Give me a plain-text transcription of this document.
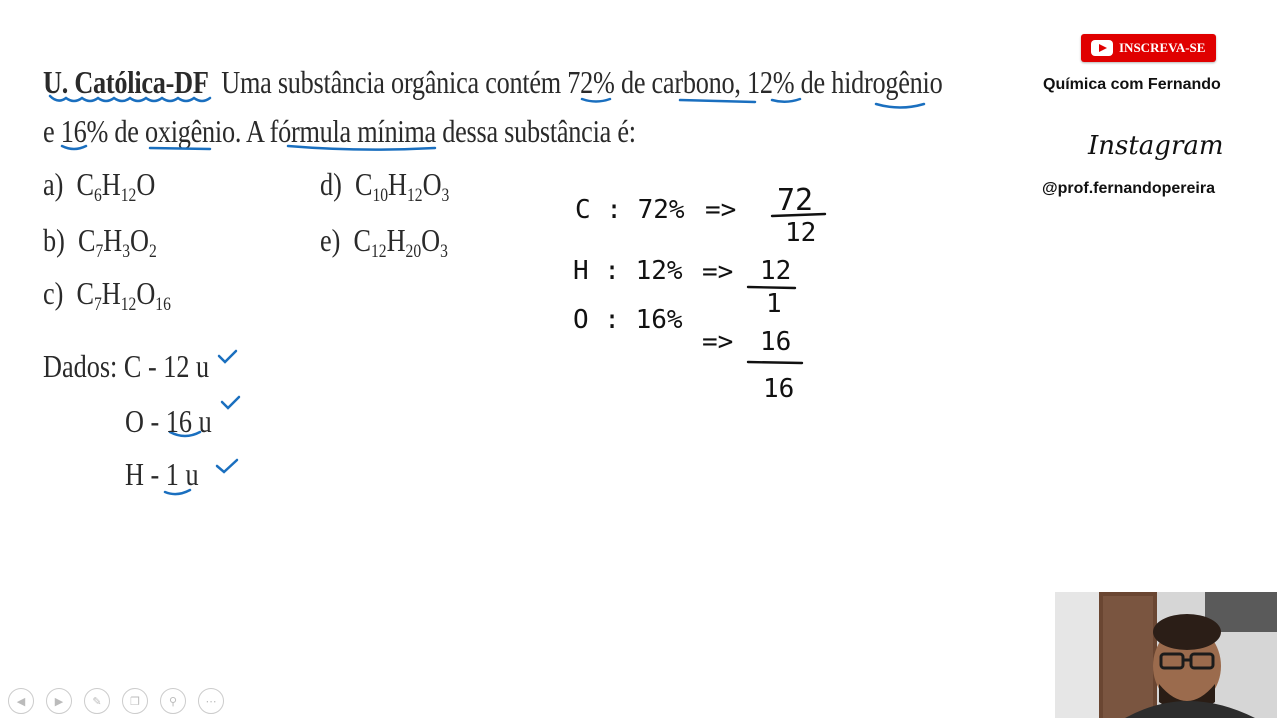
U. Católica-DF Uma substância orgânica contém 72% de carbono, 12% de hidrogênio
e 16% de oxigênio. A fórmula mínima dessa substância é:
a) $C_6H_{12}O$
b) $C_7H_3O_2$
c) $C_7H_{12}O_{16}$
d) $C_{10}H_{12}O_3$
e) $C_{12}H_{20}O_3$
Dados: C - 12 u
O - 16 u
H - 1 u
C : 72% => 72
12
H : 12% => 12
1
O : 16%
=> 16
16
INSCREVA-SE
Química com Fernando
Instagram
@prof.fernandopereira
◀	▶	✎	❐	⚲	⋯
